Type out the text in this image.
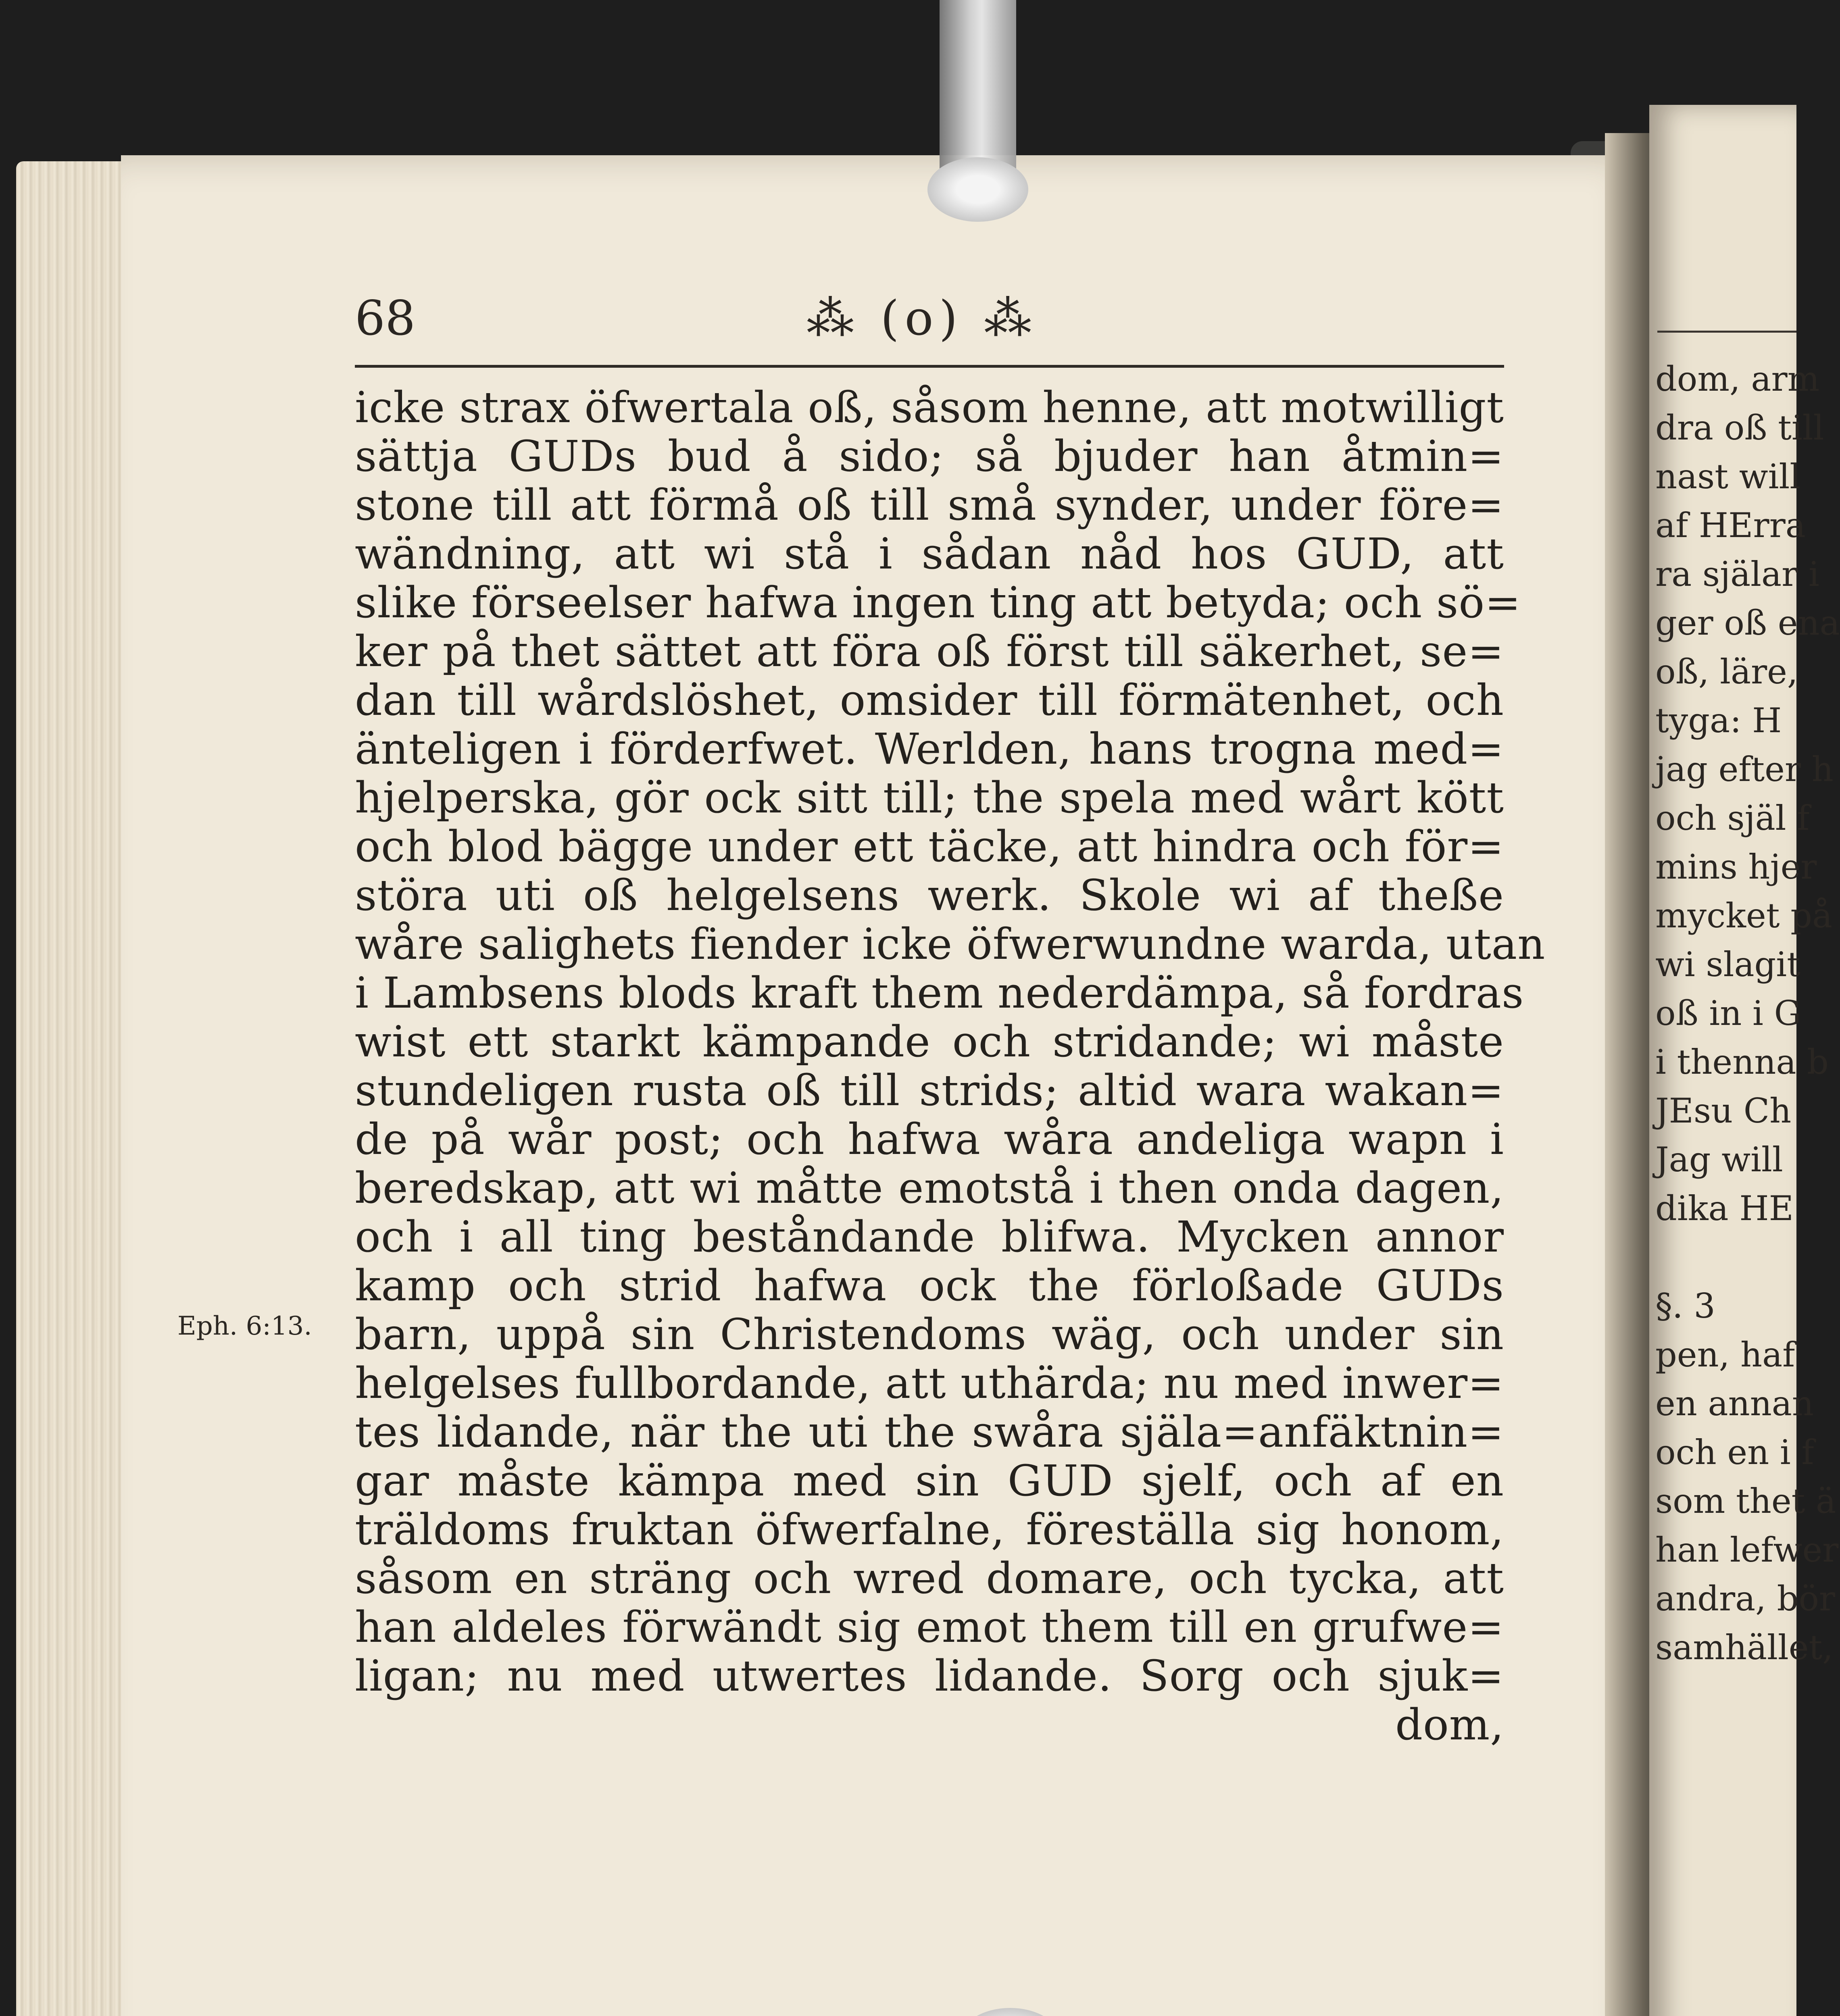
68	⁂ (o) ⁂
Eph. 6:13.
icke strax öfwertala oß, såsom henne, att motwilligt
sättja GUDs bud å sido; så bjuder han åtmin=
stone till att förmå oß till små synder, under före=
wändning, att wi stå i sådan nåd hos GUD, att
slike förseelser hafwa ingen ting att betyda; och sö=
ker på thet sättet att föra oß först till säkerhet, se=
dan till wårdslöshet, omsider till förmätenhet, och
änteligen i förderfwet. Werlden, hans trogna med=
hjelperska, gör ock sitt till; the spela med wårt kött
och blod bägge under ett täcke, att hindra och för=
störa uti oß helgelsens werk. Skole wi af theße
wåre salighets fiender icke öfwerwundne warda, utan
i Lambsens blods kraft them nederdämpa, så fordras
wist ett starkt kämpande och stridande; wi måste
stundeligen rusta oß till strids; altid wara wakan=
de på wår post; och hafwa wåra andeliga wapn i
beredskap, att wi måtte emotstå i then onda dagen,
och i all ting beståndande blifwa. Mycken annor
kamp och strid hafwa ock the förloßade GUDs
barn, uppå sin Christendoms wäg, och under sin
helgelses fullbordande, att uthärda; nu med inwer=
tes lidande, när the uti the swåra själa=anfäktnin=
gar måste kämpa med sin GUD sjelf, och af en
träldoms fruktan öfwerfalne, föreställa sig honom,
såsom en sträng och wred domare, och tycka, att
han aldeles förwändt sig emot them till en grufwe=
ligan; nu med utwertes lidande. Sorg och sjuk=
dom,
dom, arm
dra oß till
nast will
af HErra
ra själar i
ger oß ena
oß, läre,
tyga: H
jag efter h
och själ f
mins hjer
mycket på
wi slagit
oß in i G
i thenna b
JEsu Ch
Jag will
dika HE
§. 3
pen, haf
en annan
och en i f
som thet ä
han lefwer
andra, bör
samhället,
